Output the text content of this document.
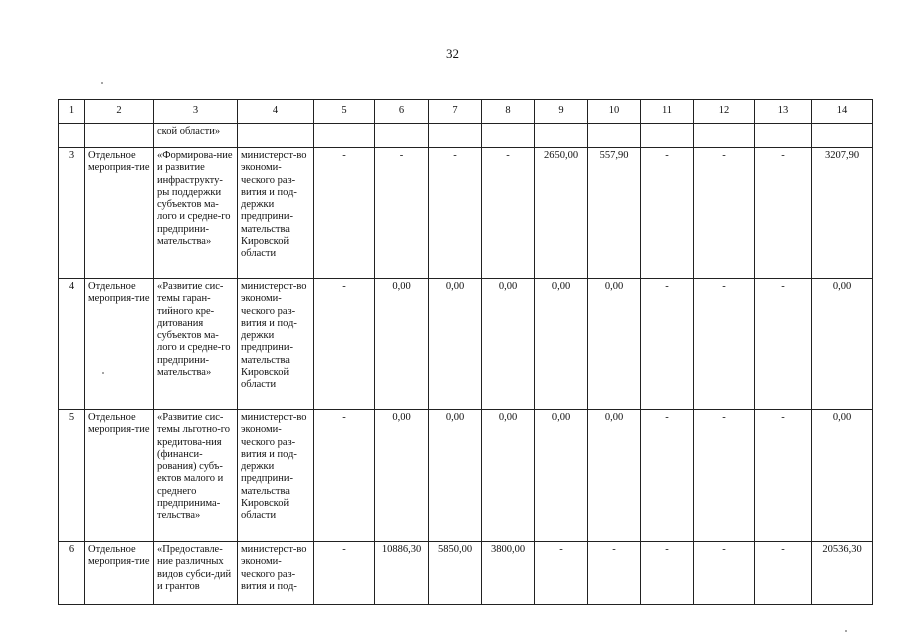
32
1	2	3	4	5	6	7	8	9	10	11	12	13	14
		ской области»											
3	Отдельное мероприя-тие	«Формирова-ние и развитие инфраструкту-ры поддержки субъектов ма-лого и средне-го предприни-мательства»	министерст-во экономи-ческого раз-вития и под-держки предприни-мательства Кировской области	-	-	-	-	2650,00	557,90	-	-	-	3207,90
4	Отдельное мероприя-тие	«Развитие сис-темы гаран-тийного кре-дитования субъектов ма-лого и средне-го предприни-мательства»	министерст-во экономи-ческого раз-вития и под-держки предприни-мательства Кировской области	-	0,00	0,00	0,00	0,00	0,00	-	-	-	0,00
5	Отдельное мероприя-тие	«Развитие сис-темы льготно-го кредитова-ния (финанси-рования) субъ-ектов малого и среднего предпринима-тельства»	министерст-во экономи-ческого раз-вития и под-держки предприни-мательства Кировской области	-	0,00	0,00	0,00	0,00	0,00	-	-	-	0,00
6	Отдельное мероприя-тие	«Предоставле-ние различных видов субси-дий и грантов	министерст-во экономи-ческого раз-вития и под-	-	10886,30	5850,00	3800,00	-	-	-	-	-	20536,30
